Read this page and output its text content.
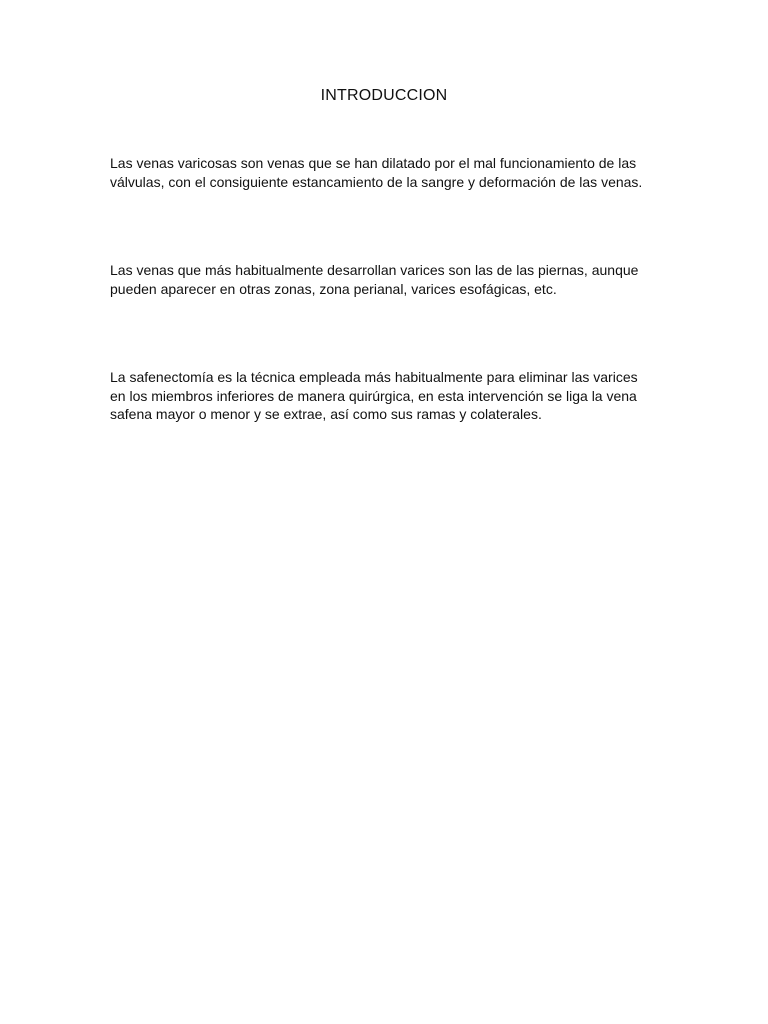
INTRODUCCION

Las venas varicosas son venas que se han dilatado por el mal funcionamiento de las válvulas, con el consiguiente estancamiento de la sangre y deformación de las venas.

Las venas que más habitualmente desarrollan varices son las de las piernas, aunque pueden aparecer en otras zonas, zona perianal, varices esofágicas, etc.

La safenectomía es la técnica empleada más habitualmente para eliminar las varices en los miembros inferiores de manera quirúrgica, en esta intervención se liga la vena safena mayor o menor y se extrae, así como sus ramas y colaterales.
